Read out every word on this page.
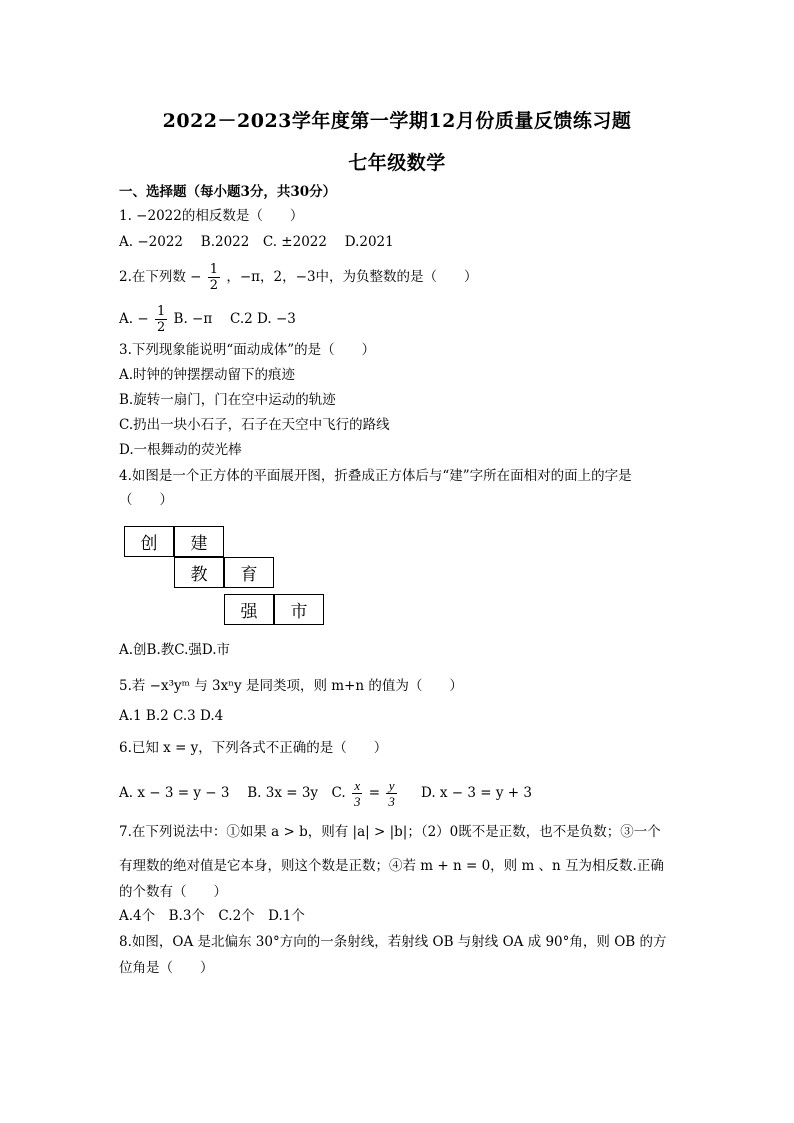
2022－2023学年度第一学期12月份质量反馈练习题
七年级数学
一、选择题（每小题3分，共30分）
1. −2022的相反数是（　　）
A. −2022　 B.2022　C. ±2022　 D.2021
2.在下列数 − $\frac{1}{2}$ ，−π，2，−3中，为负整数的是（　　）
A. − $\frac{1}{2} B$. −π　 C.2 D. −3
3.下列现象能说明“面动成体”的是（　　）
A.时钟的钟摆摆动留下的痕迹
B.旋转一扇门，门在空中运动的轨迹
C.扔出一块小石子，石子在天空中飞行的路线
D.一根舞动的荧光棒
4.如图是一个正方体的平面展开图，折叠成正方体后与“建”字所在面相对的面上的字是
（　　）
创	建
教	育
强	市
A.创B.教C.强D.市
5.若 −x³yᵐ 与 3xⁿy 是同类项，则 m+n 的值为（　　）
A.1 B.2 C.3 D.4
6.已知 x = y，下列各式不正确的是（　　）
A. x − 3 = y − 3　 B. 3x = 3y　C. $\frac{x}{3} = \frac{y}{3}$ 　 D. x − 3 = y + 3
7.在下列说法中：①如果 a > b，则有 |a| > |b|；（2）0既不是正数，也不是负数；③一个
有理数的绝对值是它本身，则这个数是正数；④若 m + n = 0，则 m 、n 互为相反数.正确
的个数有（　　）
A.4个　B.3个　C.2个　D.1个
8.如图，OA 是北偏东 30°方向的一条射线，若射线 OB 与射线 OA 成 90°角，则 OB 的方
位角是（　　）
